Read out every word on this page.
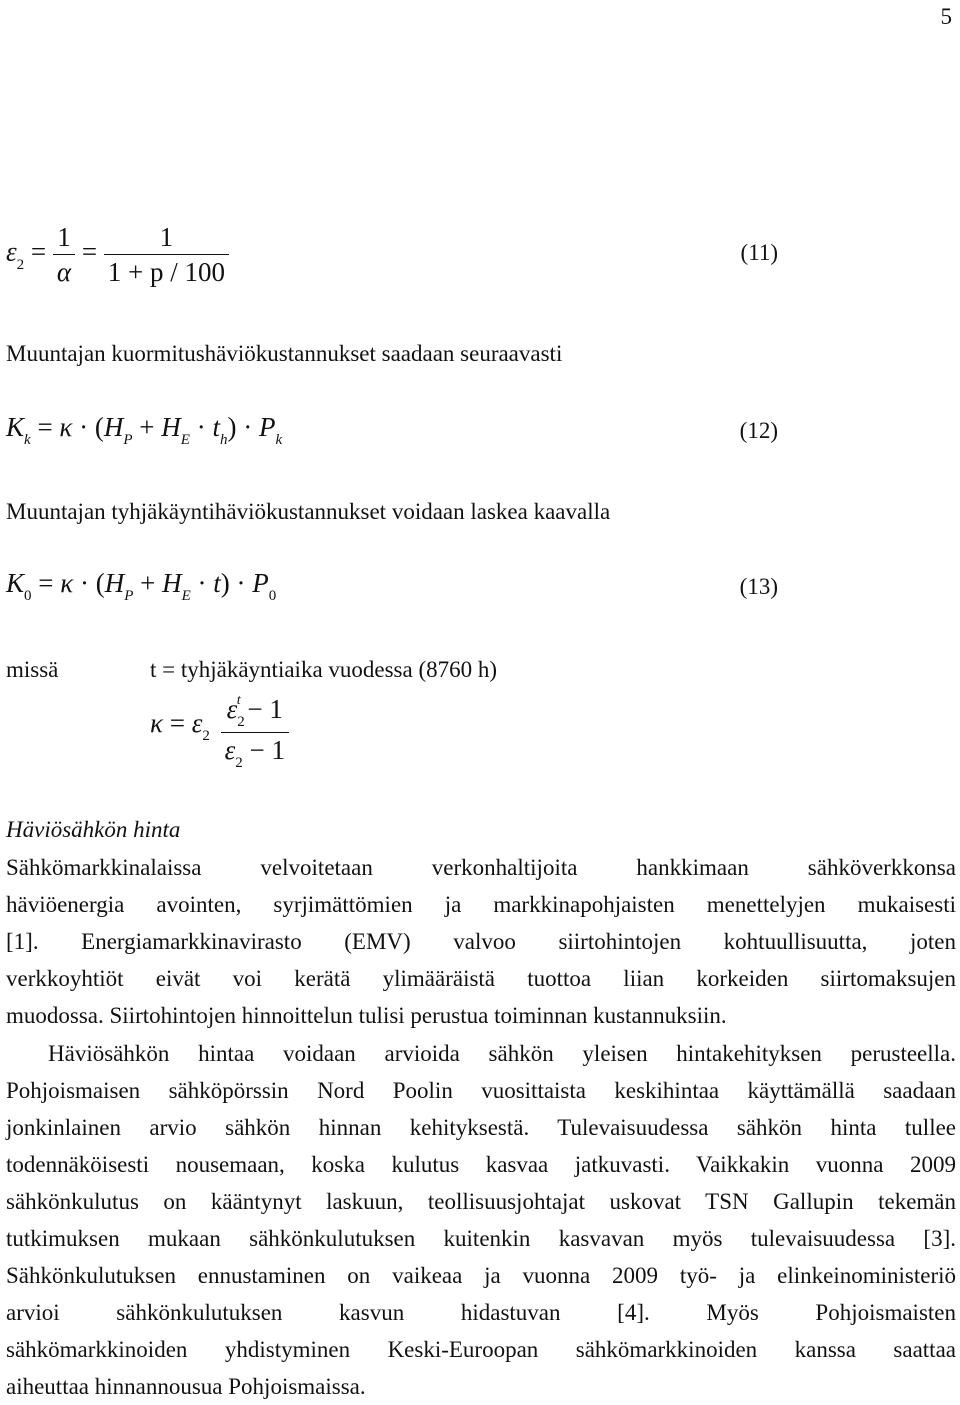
5
$\varepsilon_2 = \frac{1}{\alpha} = \frac{1}{1 + p / 100}$	(11)
Muuntajan kuormitushäviökustannukset saadaan seuraavasti
$K_k = \kappa \cdot (H_P + H_E \cdot t_h) \cdot P_k$	(12)
Muuntajan tyhjäkäyntihäviökustannukset voidaan laskea kaavalla
$K_0 = \kappa \cdot (H_P + H_E \cdot t) \cdot P_0$	(13)
missä	t = tyhjäkäyntiaika vuodessa (8760 h)
$\kappa = \varepsilon 2 \frac{\varepsilon_2^t - 1}{\varepsilon_2 - 1}$
Häviösähkön hinta
Sähkömarkkinalaissa velvoitetaan verkonhaltijoita hankkimaan sähköverkkonsa
häviöenergia avointen, syrjimättömien ja markkinapohjaisten menettelyjen mukaisesti
[1]. Energiamarkkinavirasto (EMV) valvoo siirtohintojen kohtuullisuutta, joten
verkkoyhtiöt eivät voi kerätä ylimääräistä tuottoa liian korkeiden siirtomaksujen
muodossa. Siirtohintojen hinnoittelun tulisi perustua toiminnan kustannuksiin.
Häviösähkön hintaa voidaan arvioida sähkön yleisen hintakehityksen perusteella.
Pohjoismaisen sähköpörssin Nord Poolin vuosittaista keskihintaa käyttämällä saadaan
jonkinlainen arvio sähkön hinnan kehityksestä. Tulevaisuudessa sähkön hinta tullee
todennäköisesti nousemaan, koska kulutus kasvaa jatkuvasti. Vaikkakin vuonna 2009
sähkönkulutus on kääntynyt laskuun, teollisuusjohtajat uskovat TSN Gallupin tekemän
tutkimuksen mukaan sähkönkulutuksen kuitenkin kasvavan myös tulevaisuudessa [3].
Sähkönkulutuksen ennustaminen on vaikeaa ja vuonna 2009 työ- ja elinkeinoministeriö
arvioi sähkönkulutuksen kasvun hidastuvan [4]. Myös Pohjoismaisten
sähkömarkkinoiden yhdistyminen Keski-Euroopan sähkömarkkinoiden kanssa saattaa
aiheuttaa hinnannousua Pohjoismaissa.
